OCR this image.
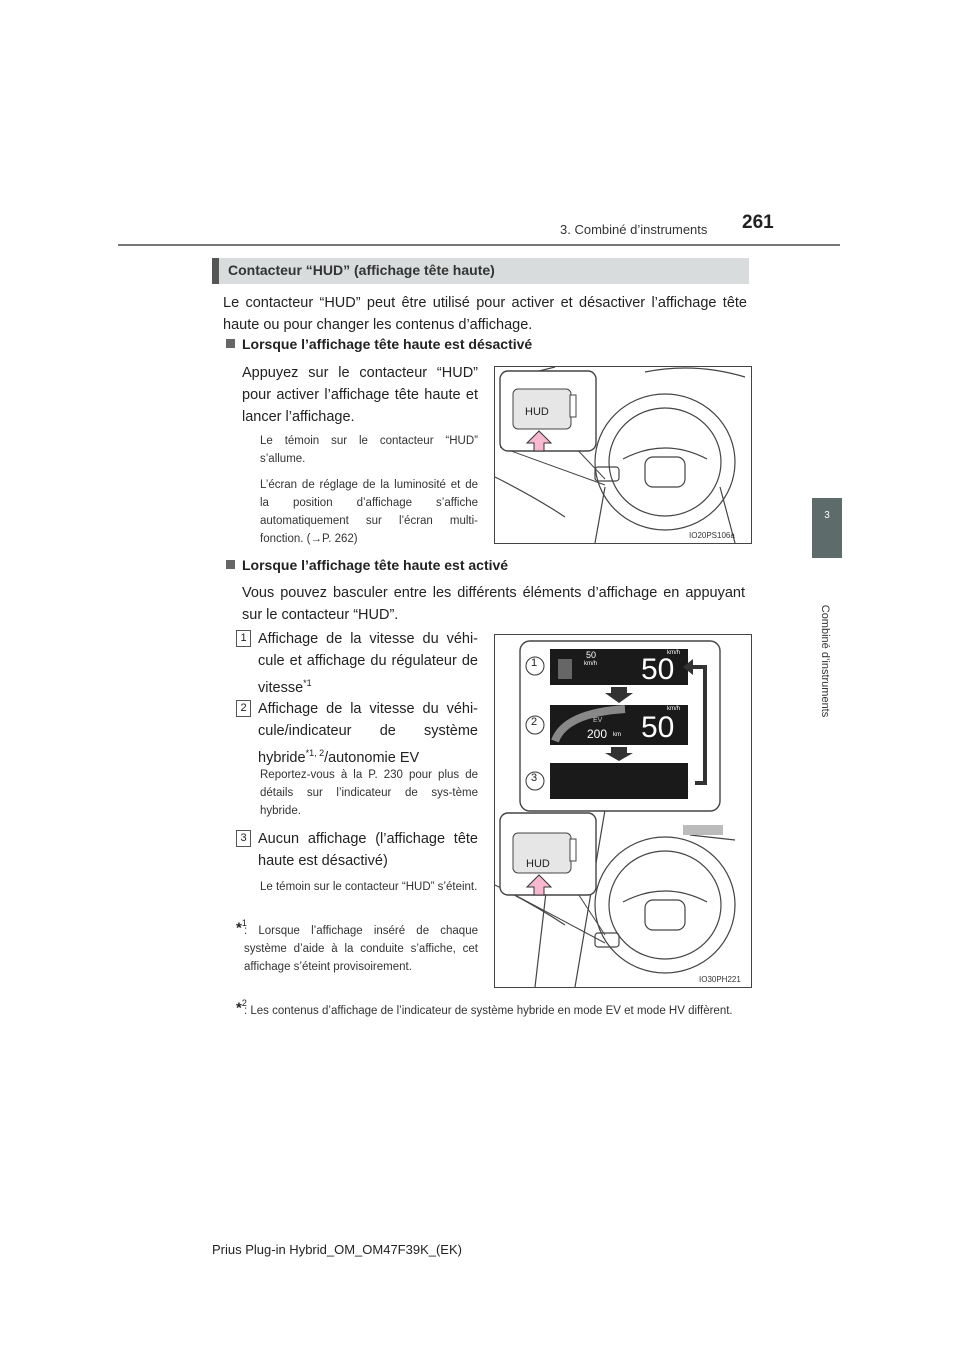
3. Combiné d’instruments 261
3
Combiné d’instruments
Contacteur “HUD” (affichage tête haute)
Le contacteur “HUD” peut être utilisé pour activer et désactiver l’affichage tête haute ou pour changer les contenus d’affichage.
Lorsque l’affichage tête haute est désactivé
Appuyez sur le contacteur “HUD” pour activer l’affichage tête haute et lancer l’affichage.
Le témoin sur le contacteur “HUD” s’allume.
L’écran de réglage de la luminosité et de la position d’affichage s’affiche automatiquement sur l’écran multi-fonction. (→P. 262)
HUD
IO20PS106a
Lorsque l’affichage tête haute est activé
Vous pouvez basculer entre les différents éléments d’affichage en appuyant sur le contacteur “HUD”.
1 Affichage de la vitesse du véhi-cule et affichage du régulateur de vitesse$^{*1}$
2 Affichage de la vitesse du véhi-cule/indicateur de système hybride$^{*1, 2}$/autonomie EV
Reportez-vous à la P. 230 pour plus de détails sur l’indicateur de sys-tème hybride.
3 Aucun affichage (l’affichage tête haute est désactivé)
Le témoin sur le contacteur “HUD” s’éteint.
*$^1$
: Lorsque l’affichage inséré de chaque système d’aide à la conduite s’affiche, cet affichage s’éteint provisoirement.
*$^2$
: Les contenus d’affichage de l’indicateur de système hybride en mode EV et mode HV diffèrent.
1
2
3
50
km/h
km/h
50
km/h
50
EV
200 km
HUD
IO30PH221
Prius Plug-in Hybrid_OM_OM47F39K_(EK)
